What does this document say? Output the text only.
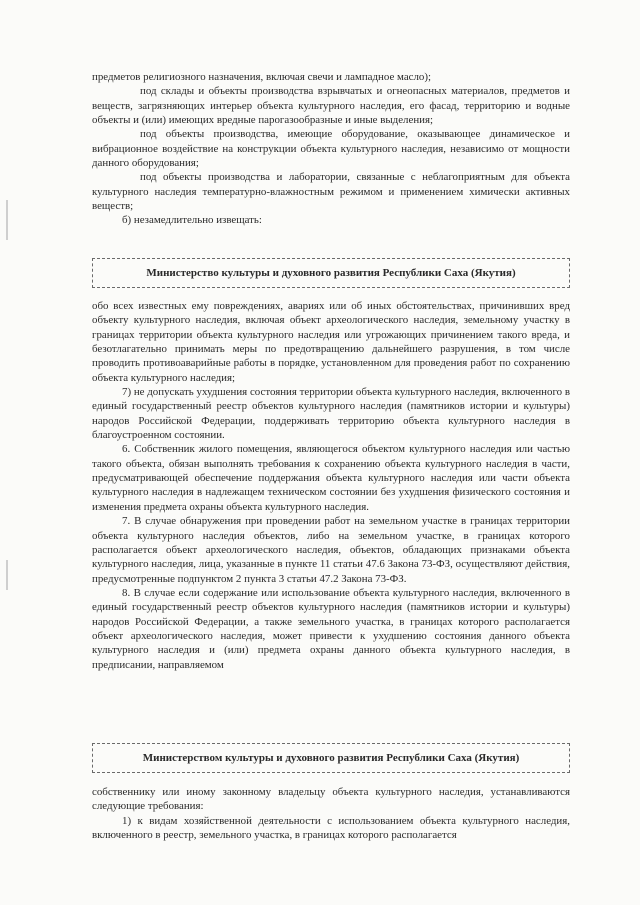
предметов религиозного назначения, включая свечи и лампадное масло);

под склады и объекты производства взрывчатых и огнеопасных материалов, предметов и веществ, загрязняющих интерьер объекта культурного наследия, его фасад, территорию и водные объекты и (или) имеющих вредные парогазообразные и иные выделения;

под объекты производства, имеющие оборудование, оказывающее динамическое и вибрационное воздействие на конструкции объекта культурного наследия, независимо от мощности данного оборудования;

под объекты производства и лаборатории, связанные с неблагоприятным для объекта культурного наследия температурно-влажностным режимом и применением химически активных веществ;

б) незамедлительно извещать:

Министерство культуры и духовного развития Республики Саха (Якутия)

обо всех известных ему повреждениях, авариях или об иных обстоятельствах, причинивших вред объекту культурного наследия, включая объект археологического наследия, земельному участку в границах территории объекта культурного наследия или угрожающих причинением такого вреда, и безотлагательно принимать меры по предотвращению дальнейшего разрушения, в том числе проводить противоаварийные работы в порядке, установленном для проведения работ по сохранению объекта культурного наследия;

7) не допускать ухудшения состояния территории объекта культурного наследия, включенного в единый государственный реестр объектов культурного наследия (памятников истории и культуры) народов Российской Федерации, поддерживать территорию объекта культурного наследия в благоустроенном состоянии.

6. Собственник жилого помещения, являющегося объектом культурного наследия или частью такого объекта, обязан выполнять требования к сохранению объекта культурного наследия в части, предусматривающей обеспечение поддержания объекта культурного наследия или части объекта культурного наследия в надлежащем техническом состоянии без ухудшения физического состояния и изменения предмета охраны объекта культурного наследия.

7. В случае обнаружения при проведении работ на земельном участке в границах территории объекта культурного наследия объектов, либо на земельном участке, в границах которого располагается объект археологического наследия, объектов, обладающих признаками объекта культурного наследия, лица, указанные в пункте 11 статьи 47.6 Закона 73-ФЗ, осуществляют действия, предусмотренные подпунктом 2 пункта 3 статьи 47.2 Закона 73-ФЗ.

8. В случае если содержание или использование объекта культурного наследия, включенного в единый государственный реестр объектов культурного наследия (памятников истории и культуры) народов Российской Федерации, а также земельного участка, в границах которого располагается объект археологического наследия, может привести к ухудшению состояния данного объекта культурного наследия и (или) предмета охраны данного объекта культурного наследия, в предписании, направляемом

Министерством культуры и духовного развития Республики Саха (Якутия)

собственнику или иному законному владельцу объекта культурного наследия, устанавливаются следующие требования:

1) к видам хозяйственной деятельности с использованием объекта культурного наследия, включенного в реестр, земельного участка, в границах которого располагается
